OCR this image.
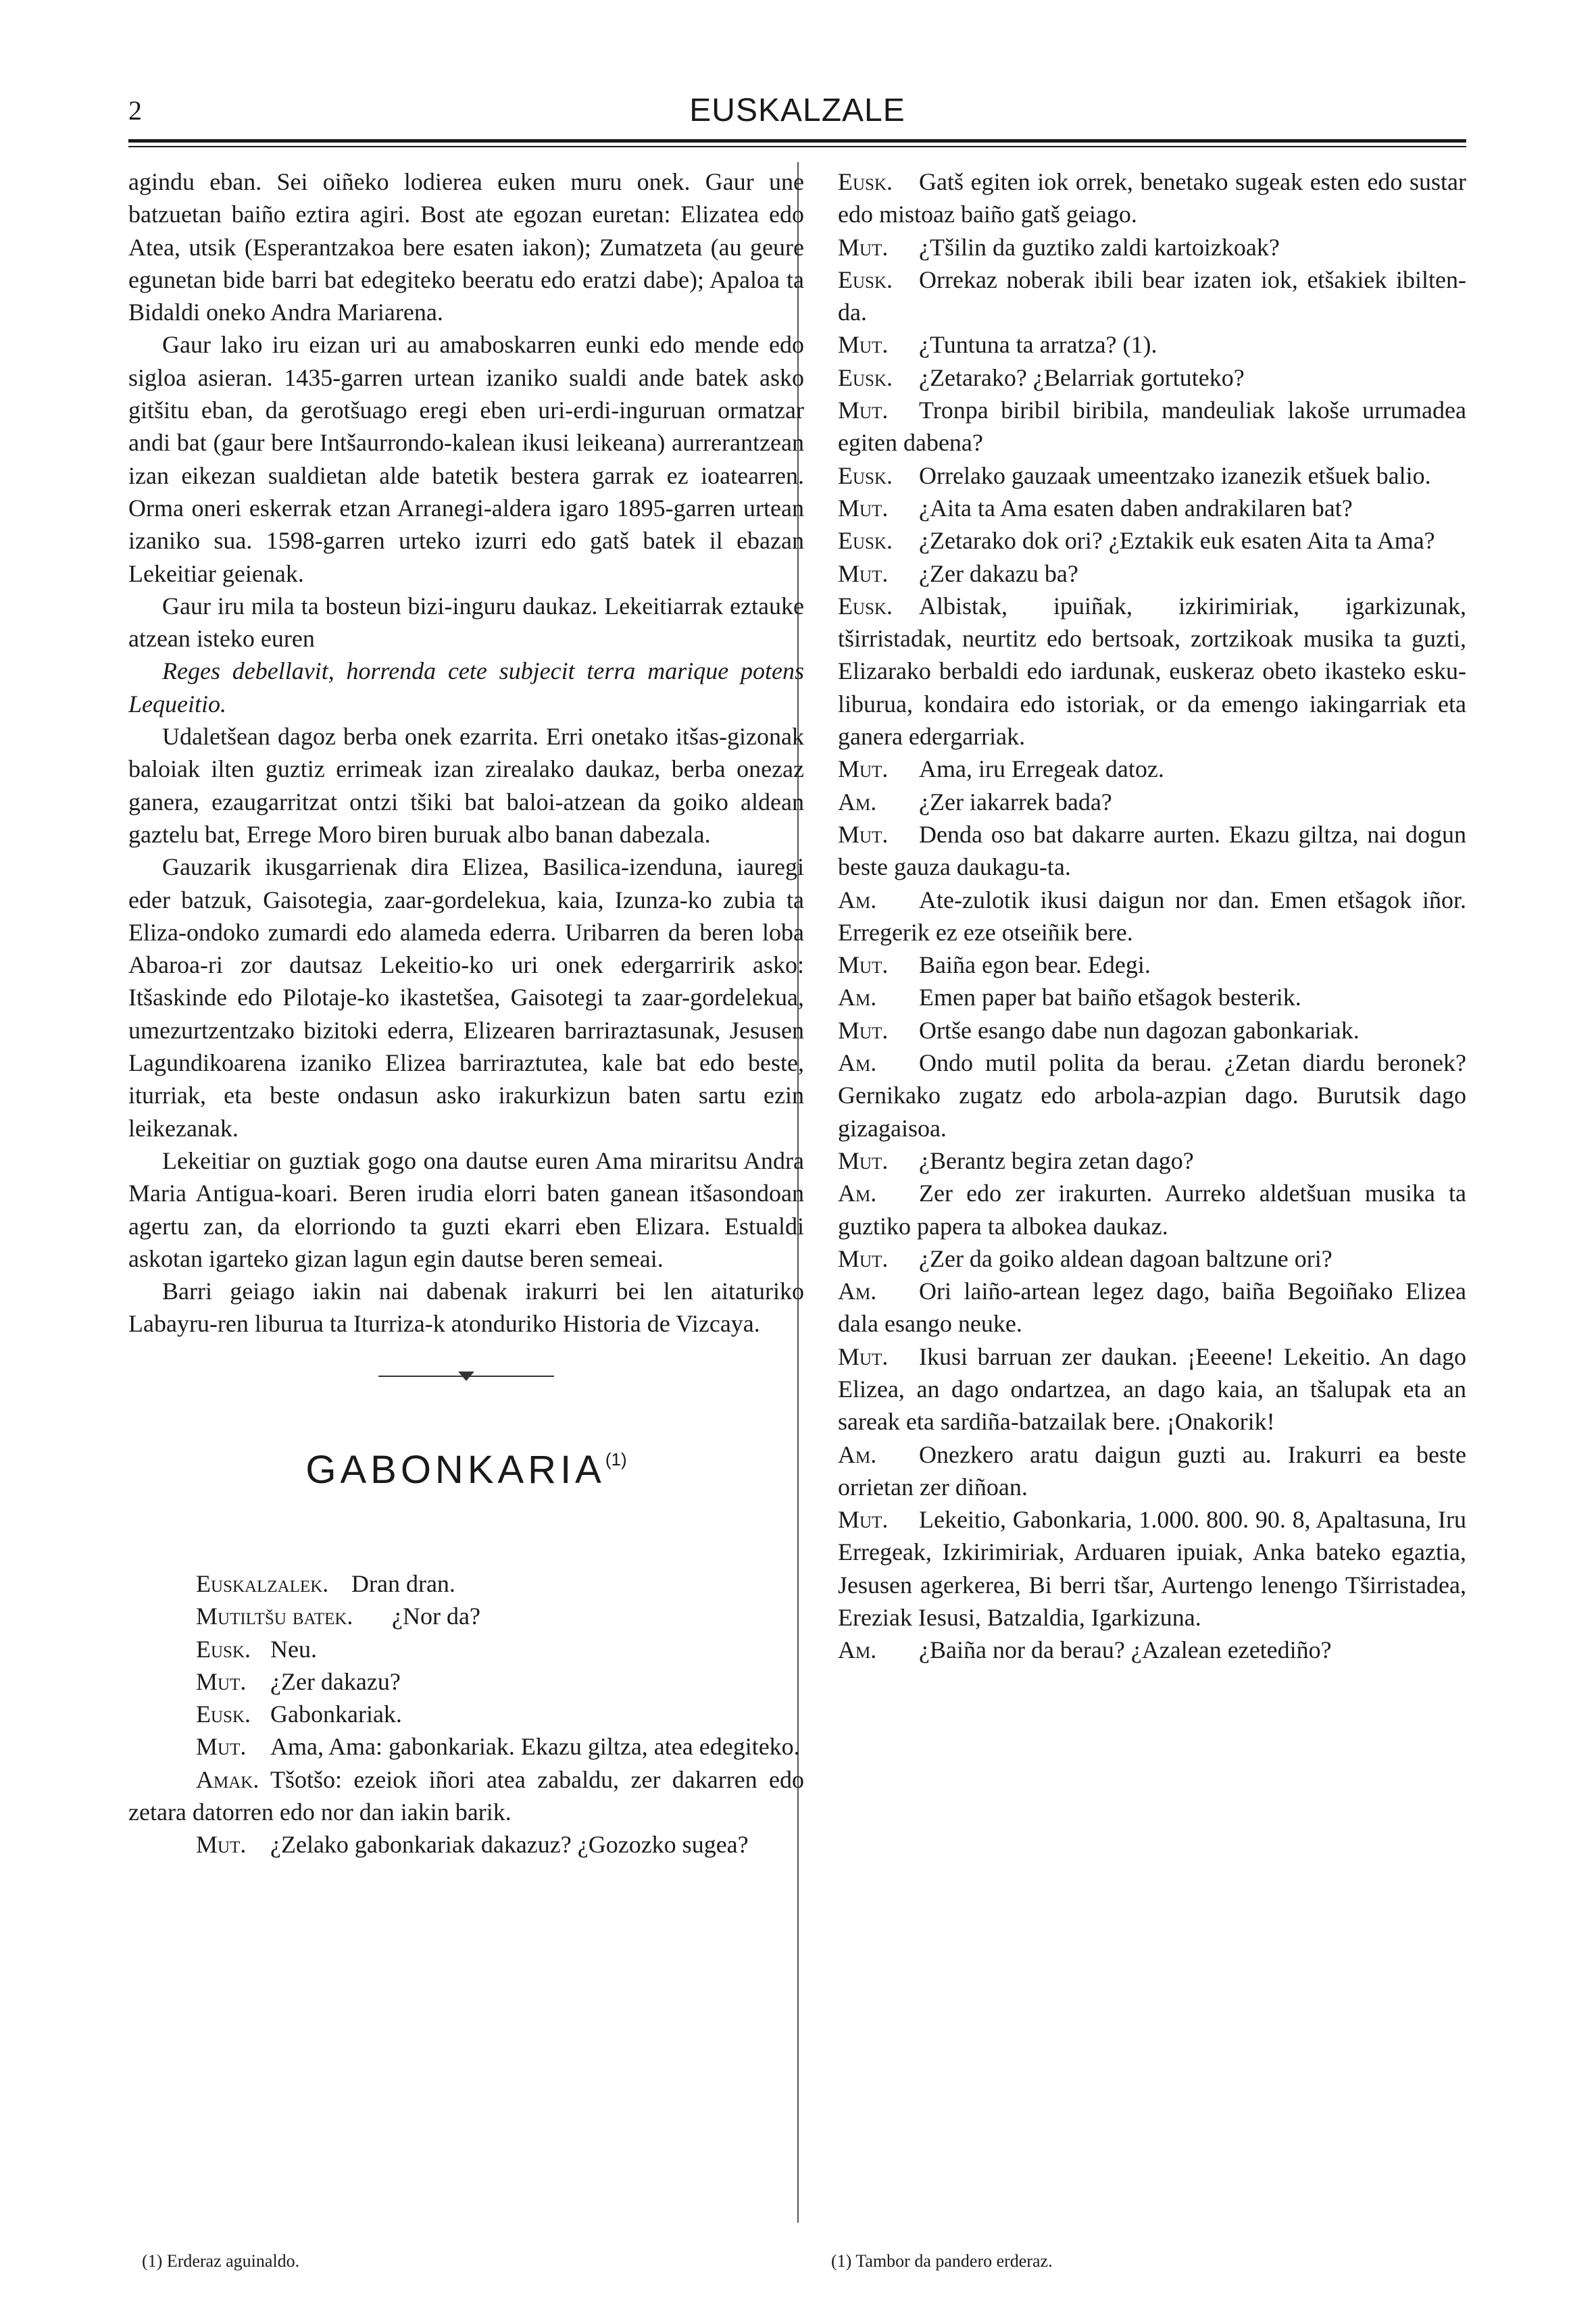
2	EUSKALZALE

agindu eban. Sei oiñeko lodierea euken muru onek. Gaur une batzuetan baiño eztira agiri. Bost ate egozan euretan: Elizatea edo Atea, utsik (Esperantzakoa bere esaten iakon); Zumatzeta (au geure egunetan bide barri bat edegiteko beeratu edo eratzi dabe); Apaloa ta Bidaldi oneko Andra Mariarena.

Gaur lako iru eizan uri au amaboskarren eunki edo mende edo sigloa asieran. 1435-garren urtean izaniko sualdi ande batek asko gitšitu eban, da gerotšuago eregi eben uri-erdi-inguruan ormatzar andi bat (gaur bere Intšaurrondo-kalean ikusi leikeana) aurrerantzean izan eikezan sualdietan alde batetik bestera garrak ez ioatearren. Orma oneri eskerrak etzan Arranegi-aldera igaro 1895-garren urtean izaniko sua. 1598-garren urteko izurri edo gatš batek il ebazan Lekeitiar geienak.

Gaur iru mila ta bosteun bizi-inguru daukaz. Lekeitiarrak eztauke atzean isteko euren

Reges debellavit, horrenda cete subjecit terra marique potens Lequeitio.

Udaletšean dagoz berba onek ezarrita. Erri onetako itšas-gizonak baloiak ilten guztiz errimeak izan zirealako daukaz, berba onezaz ganera, ezaugarritzat ontzi tšiki bat baloi-atzean da goiko aldean gaztelu bat, Errege Moro biren buruak albo banan dabezala.

Gauzarik ikusgarrienak dira Elizea, Basilica-izenduna, iauregi eder batzuk, Gaisotegia, zaar-gordelekua, kaia, Izunza-ko zubia ta Eliza-ondoko zumardi edo alameda ederra. Uribarren da beren loba Abaroa-ri zor dautsaz Lekeitio-ko uri onek edergarririk asko: Itšaskinde edo Pilotaje-ko ikastetšea, Gaisotegi ta zaar-gordelekua, umezurtzentzako bizitoki ederra, Elizearen barriraztasunak, Jesusen Lagundikoarena izaniko Elizea barriraztutea, kale bat edo beste, iturriak, eta beste ondasun asko irakurkizun baten sartu ezin leikezanak.

Lekeitiar on guztiak gogo ona dautse euren Ama miraritsu Andra Maria Antigua-koari. Beren irudia elorri baten ganean itšasondoan agertu zan, da elorriondo ta guzti ekarri eben Elizara. Estualdi askotan igarteko gizan lagun egin dautse beren semeai.

Barri geiago iakin nai dabenak irakurri bei len aitaturiko Labayru-ren liburua ta Iturriza-k atonduriko Historia de Vizcaya.

GABONKARIA$^{(1)}$

Euskalzalek. Dran dran.

Mutiltšu batek. ¿Nor da?

Eusk. Neu.

Mut. ¿Zer dakazu?

Eusk. Gabonkariak.

Mut. Ama, Ama: gabonkariak. Ekazu giltza, atea edegiteko.

Amak. Tšotšo: ezeiok iñori atea zabaldu, zer dakarren edo zetara datorren edo nor dan iakin barik.

Mut. ¿Zelako gabonkariak dakazuz? ¿Gozozko sugea?

Eusk. Gatš egiten iok orrek, benetako sugeak esten edo sustar edo mistoaz baiño gatš geiago.

Mut. ¿Tšilin da guztiko zaldi kartoizkoak?

Eusk. Orrekaz noberak ibili bear izaten iok, etšakiek ibilten-da.

Mut. ¿Tuntuna ta arratza? (1).

Eusk. ¿Zetarako? ¿Belarriak gortuteko?

Mut. Tronpa biribil biribila, mandeuliak lakoše urrumadea egiten dabena?

Eusk. Orrelako gauzaak umeentzako izanezik etšuek balio.

Mut. ¿Aita ta Ama esaten daben andrakilaren bat?

Eusk. ¿Zetarako dok ori? ¿Eztakik euk esaten Aita ta Ama?

Mut. ¿Zer dakazu ba?

Eusk. Albistak, ipuiñak, izkirimiriak, igarkizunak, tširristadak, neurtitz edo bertsoak, zortzikoak musika ta guzti, Elizarako berbaldi edo iardunak, euskeraz obeto ikasteko esku-liburua, kondaira edo istoriak, or da emengo iakingarriak eta ganera edergarriak.

Mut. Ama, iru Erregeak datoz.

Am. ¿Zer iakarrek bada?

Mut. Denda oso bat dakarre aurten. Ekazu giltza, nai dogun beste gauza daukagu-ta.

Am. Ate-zulotik ikusi daigun nor dan. Emen etšagok iñor. Erregerik ez eze otseiñik bere.

Mut. Baiña egon bear. Edegi.

Am. Emen paper bat baiño etšagok besterik.

Mut. Ortše esango dabe nun dagozan gabonkariak.

Am. Ondo mutil polita da berau. ¿Zetan diardu beronek? Gernikako zugatz edo arbola-azpian dago. Burutsik dago gizagaisoa.

Mut. ¿Berantz begira zetan dago?

Am. Zer edo zer irakurten. Aurreko aldetšuan musika ta guztiko papera ta albokea daukaz.

Mut. ¿Zer da goiko aldean dagoan baltzune ori?

Am. Ori laiño-artean legez dago, baiña Begoiñako Elizea dala esango neuke.

Mut. Ikusi barruan zer daukan. ¡Eeeene! Lekeitio. An dago Elizea, an dago ondartzea, an dago kaia, an tšalupak eta an sareak eta sardiña-batzailak bere. ¡Onakorik!

Am. Onezkero aratu daigun guzti au. Irakurri ea beste orrietan zer diñoan.

Mut. Lekeitio, Gabonkaria, 1.000. 800. 90. 8, Apaltasuna, Iru Erregeak, Izkirimiriak, Arduaren ipuiak, Anka bateko egaztia, Jesusen agerkerea, Bi berri tšar, Aurtengo lenengo Tširristadea, Ereziak Iesusi, Batzaldia, Igarkizuna.

Am. ¿Baiña nor da berau? ¿Azalean ezetediño?

(1) Erderaz aguinaldo.	(1) Tambor da pandero erderaz.
